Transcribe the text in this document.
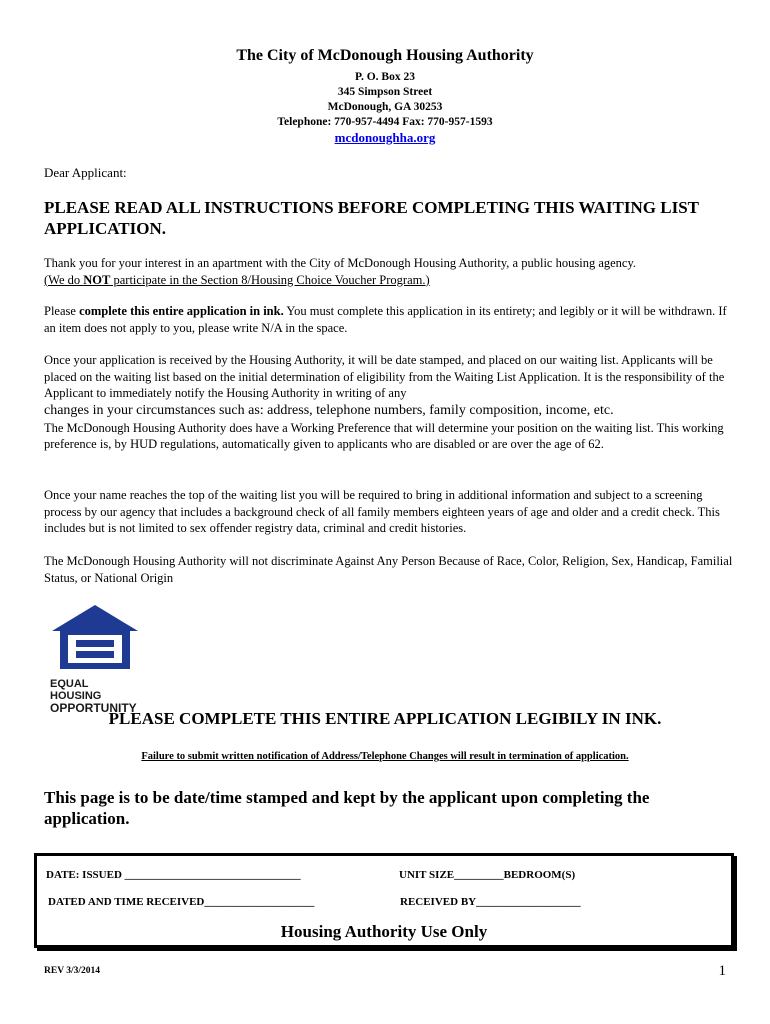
The City of McDonough Housing Authority
P. O. Box 23
345 Simpson Street
McDonough, GA 30253
Telephone: 770-957-4494 Fax: 770-957-1593
mcdonoughha.org
Dear Applicant:
PLEASE READ ALL INSTRUCTIONS BEFORE COMPLETING THIS WAITING LIST APPLICATION.
Thank you for your interest in an apartment with the City of McDonough Housing Authority, a public housing agency.
(We do NOT participate in the Section 8/Housing Choice Voucher Program.)
Please complete this entire application in ink. You must complete this application in its entirety; and legibly or it will be withdrawn. If an item does not apply to you, please write N/A in the space.
Once your application is received by the Housing Authority, it will be date stamped, and placed on our waiting list. Applicants will be placed on the waiting list based on the initial determination of eligibility from the Waiting List Application. It is the responsibility of the Applicant to immediately notify the Housing Authority in writing of any
changes in your circumstances such as: address, telephone numbers, family composition, income, etc.
The McDonough Housing Authority does have a Working Preference that will determine your position on the waiting list. This working preference is, by HUD regulations, automatically given to applicants who are disabled or are over the age of 62.
Once your name reaches the top of the waiting list you will be required to bring in additional information and subject to a screening process by our agency that includes a background check of all family members eighteen years of age and older and a credit check. This includes but is not limited to sex offender registry data, criminal and credit histories.
The McDonough Housing Authority will not discriminate Against Any Person Because of Race, Color, Religion, Sex, Handicap, Familial Status, or National Origin
EQUAL HOUSING
OPPORTUNITY
PLEASE COMPLETE THIS ENTIRE APPLICATION LEGIBILY IN INK.
Failure to submit written notification of Address/Telephone Changes will result in termination of application.
This page is to be date/time stamped and kept by the applicant upon completing the application.
DATE: ISSUED ________________________________	UNIT SIZE_________BEDROOM(S)
DATED AND TIME RECEIVED____________________	RECEIVED BY___________________
Housing Authority Use Only
REV 3/3/2014	1
